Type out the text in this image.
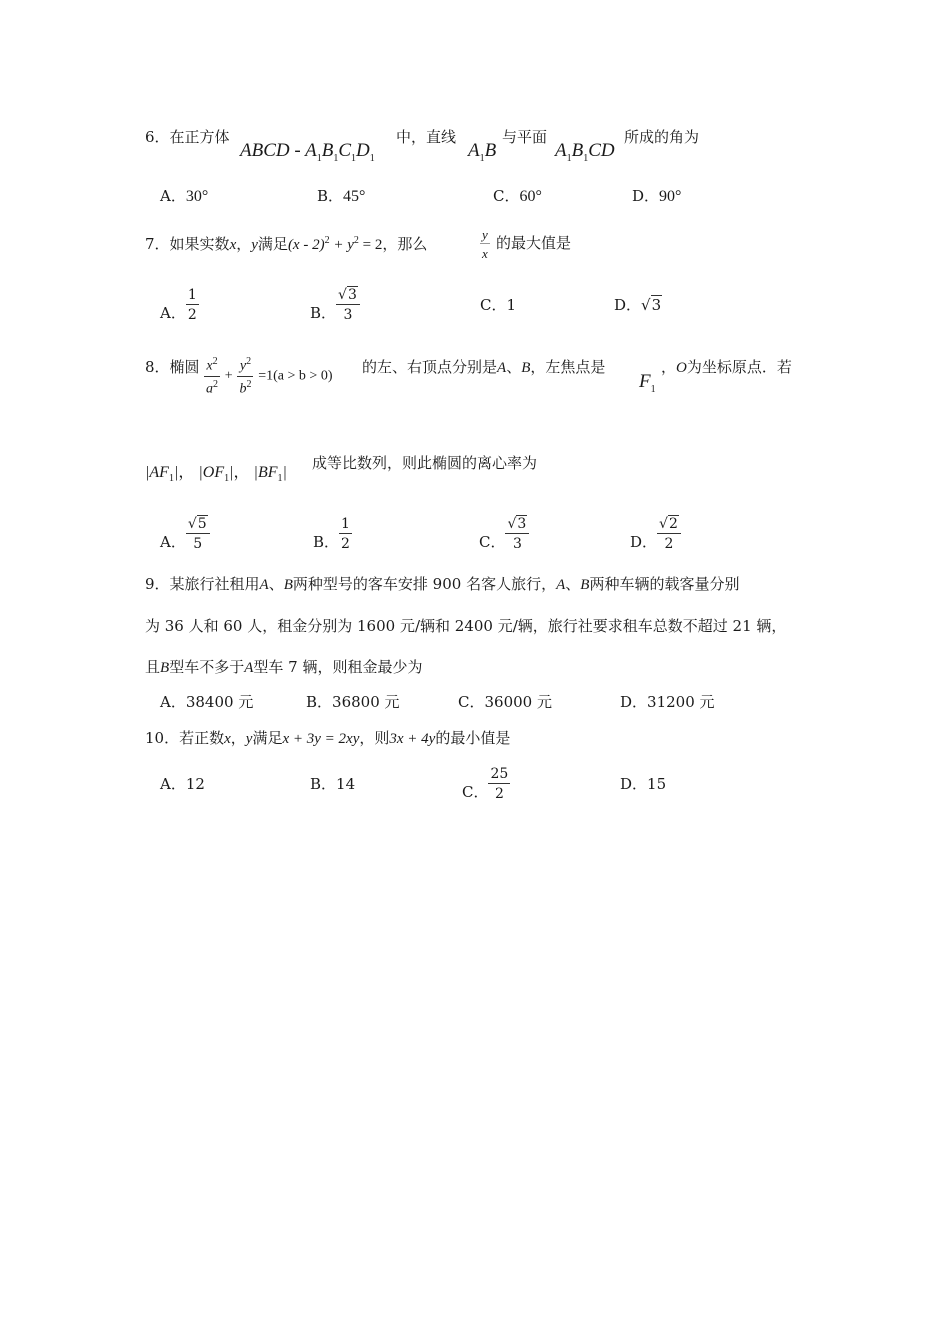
6．在正方体
ABCD - $A_1B_1C_1D_1$
中，直线
$A_1B$
与平面
$A_1B_1CD$
所成的角为
A．30°	B．45°	C．60°	D．90°
7．如果实数x，y满足$(x - 2)^2 + y^2 = 2$，那么	$\frac{y}{x}$ 的最大值是
A． $\frac{1}{2}$	B． $\frac{√3}{3}$	C．1	D．√3
8．椭圆 $\frac{x^2}{a^2} + \frac{y^2}{b^2} =1(a > b > 0)$
的左、右顶点分别是A、B，左焦点是
$F_1$
，O为坐标原点．若
$|AF_1|$， $|OF_1|$， $|BF_1|$
成等比数列，则此椭圆的离心率为
A． $\frac{√5}{5}$	B． $\frac{1}{2}$	C． $\frac{√3}{3}$	D． $\frac{√2}{2}$
9．某旅行社租用A、B两种型号的客车安排 900 名客人旅行，A、B两种车辆的载客量分别
为 36 人和 60 人，租金分别为 1600 元/辆和 2400 元/辆，旅行社要求租车总数不超过 21 辆，
且B型车不多于A型车 7 辆，则租金最少为
A．38400 元	B．36800 元	C．36000 元	D．31200 元
10．若正数x，y满足x + 3y = 2xy，则3x + 4y的最小值是
A．12	B．14	C． $\frac{25}{2}$	D．15
